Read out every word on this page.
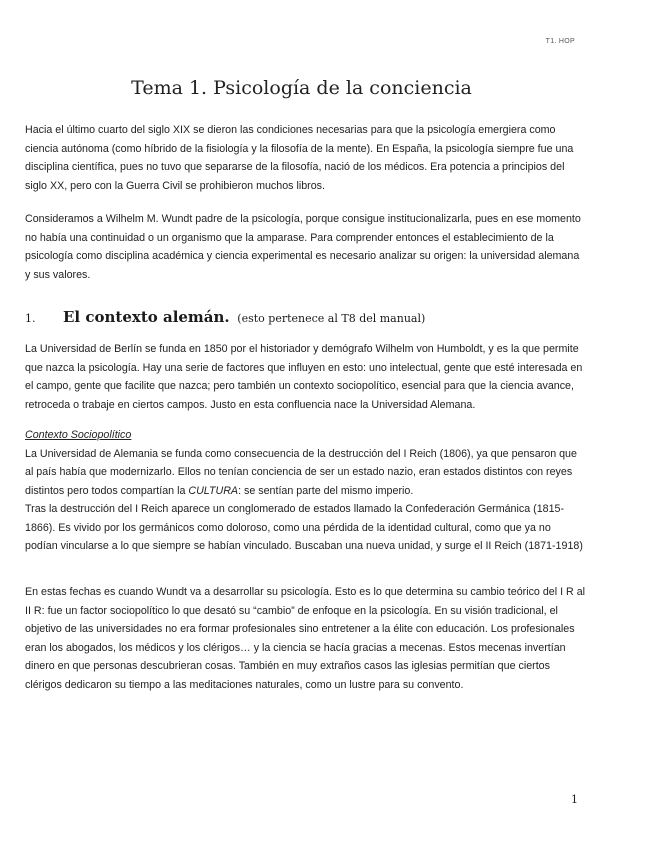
T1. HOP
Tema 1. Psicología de la conciencia

Hacia el último cuarto del siglo XIX se dieron las condiciones necesarias para que la psicología emergiera como ciencia autónoma (como híbrido de la fisiología y la filosofía de la mente). En España, la psicología siempre fue una disciplina científica, pues no tuvo que separarse de la filosofía, nació de los médicos. Era potencia a principios del siglo XX, pero con la Guerra Civil se prohibieron muchos libros.

Consideramos a Wilhelm M. Wundt padre de la psicología, porque consigue institucionalizarla, pues en ese momento no había una continuidad o un organismo que la amparase. Para comprender entonces el establecimiento de la psicología como disciplina académica y ciencia experimental es necesario analizar su origen: la universidad alemana y sus valores.

1. El contexto alemán. (esto pertenece al T8 del manual)

La Universidad de Berlín se funda en 1850 por el historiador y demógrafo Wilhelm von Humboldt, y es la que permite que nazca la psicología. Hay una serie de factores que influyen en esto: uno intelectual, gente que esté interesada en el campo, gente que facilite que nazca; pero también un contexto sociopolítico, esencial para que la ciencia avance, retroceda o trabaje en ciertos campos. Justo en esta confluencia nace la Universidad Alemana.

Contexto Sociopolítico
La Universidad de Alemania se funda como consecuencia de la destrucción del I Reich (1806), ya que pensaron que al país había que modernizarlo. Ellos no tenían conciencia de ser un estado nazio, eran estados distintos con reyes distintos pero todos compartían la CULTURA: se sentían parte del mismo imperio.
Tras la destrucción del I Reich aparece un conglomerado de estados llamado la Confederación Germánica (1815-1866). Es vivido por los germánicos como doloroso, como una pérdida de la identidad cultural, como que ya no podían vincularse a lo que siempre se habían vinculado. Buscaban una nueva unidad, y surge el II Reich (1871-1918)

En estas fechas es cuando Wundt va a desarrollar su psicología. Esto es lo que determina su cambio teórico del I R al II R: fue un factor sociopolítico lo que desató su “cambio” de enfoque en la psicología. En su visión tradicional, el objetivo de las universidades no era formar profesionales sino entretener a la élite con educación. Los profesionales eran los abogados, los médicos y los clérigos… y la ciencia se hacía gracias a mecenas. Estos mecenas invertían dinero en que personas descubrieran cosas. También en muy extraños casos las iglesias permitían que ciertos clérigos dedicaron su tiempo a las meditaciones naturales, como un lustre para su convento.

1
